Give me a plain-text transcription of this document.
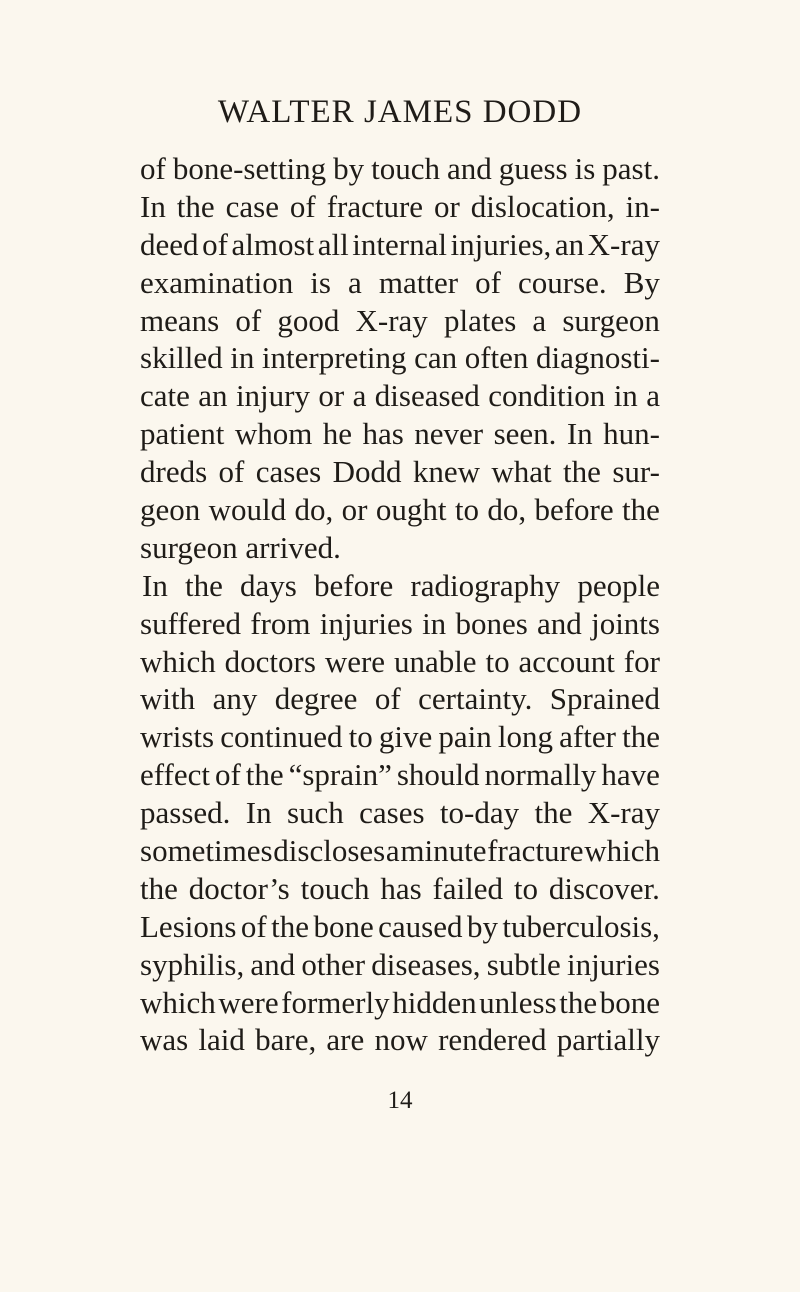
WALTER JAMES DODD
of bone-setting by touch and guess is past.
In the case of fracture or dislocation, in-
deed of almost all internal injuries, an X-ray
examination is a matter of course. By
means of good X-ray plates a surgeon
skilled in interpreting can often diagnosti-
cate an injury or a diseased condition in a
patient whom he has never seen. In hun-
dreds of cases Dodd knew what the sur-
geon would do, or ought to do, before the
surgeon arrived.
In the days before radiography people
suffered from injuries in bones and joints
which doctors were unable to account for
with any degree of certainty. Sprained
wrists continued to give pain long after the
effect of the “sprain” should normally have
passed. In such cases to-day the X-ray
sometimes discloses a minute fracture which
the doctor’s touch has failed to discover.
Lesions of the bone caused by tuberculosis,
syphilis, and other diseases, subtle injuries
which were formerly hidden unless the bone
was laid bare, are now rendered partially
14
